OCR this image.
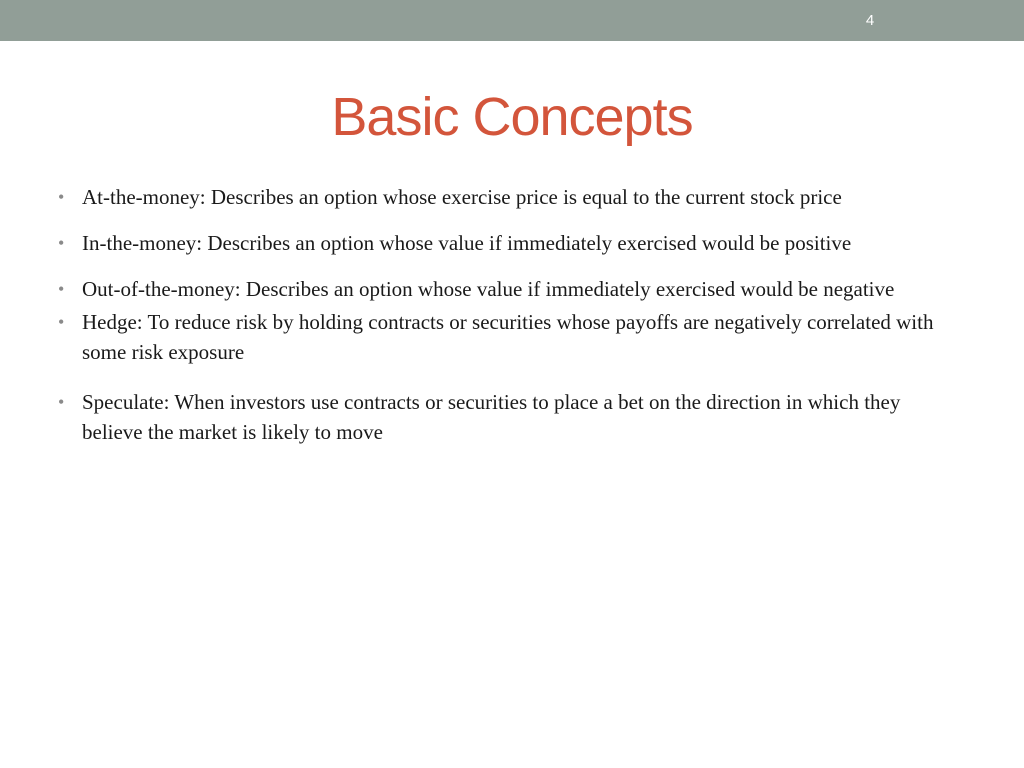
4
Basic Concepts
• At-the-money: Describes an option whose exercise price is equal to the current stock price
• In-the-money: Describes an option whose value if immediately exercised would be positive
• Out-of-the-money: Describes an option whose value if immediately exercised would be negative
• Hedge: To reduce risk by holding contracts or securities whose payoffs are negatively correlated with some risk exposure
• Speculate: When investors use contracts or securities to place a bet on the direction in which they believe the market is likely to move
